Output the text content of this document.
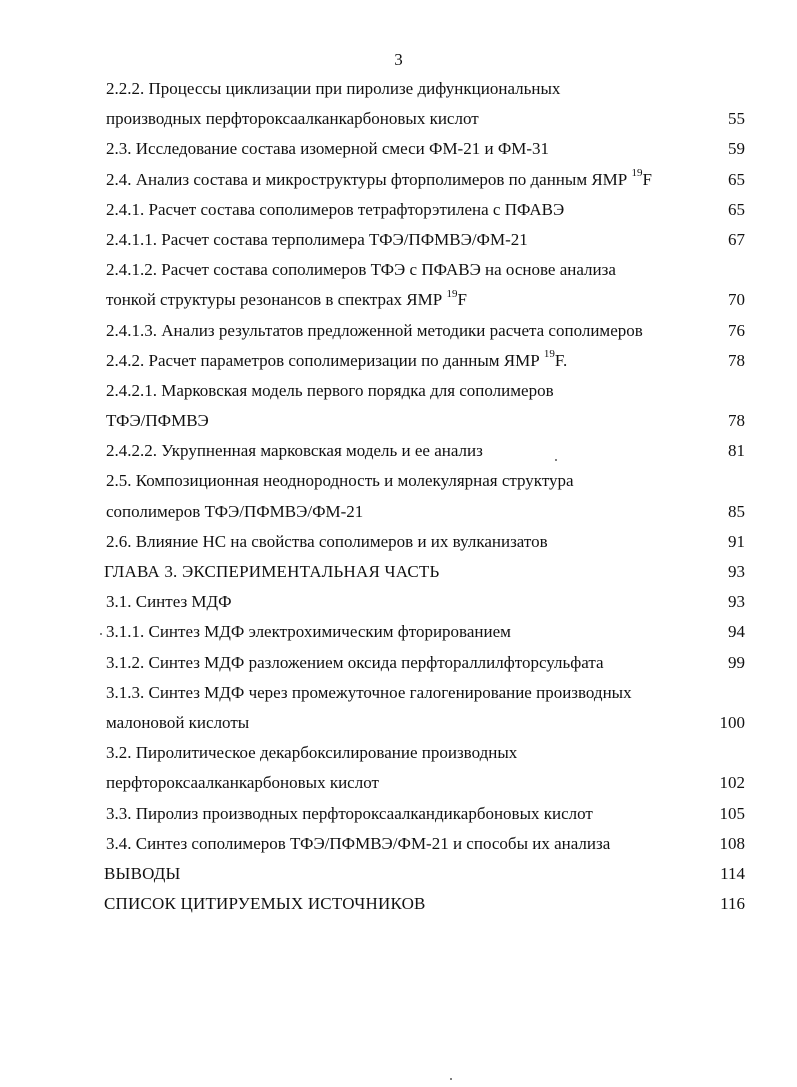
3
2.2.2. Процессы циклизации при пиролизе дифункциональных
производных перфтороксаалканкарбоновых кислот	55
2.3. Исследование состава изомерной смеси ФМ-21 и ФМ-31	59
2.4. Анализ состава и микроструктуры фторполимеров по данным ЯМР $^{19}$F	65
2.4.1. Расчет состава сополимеров тетрафторэтилена с ПФАВЭ	65
2.4.1.1. Расчет состава терполимера ТФЭ/ПФМВЭ/ФМ-21	67
2.4.1.2. Расчет состава сополимеров ТФЭ с ПФАВЭ на основе анализа
тонкой структуры резонансов в спектрах ЯМР $^{19}$F	70
2.4.1.3. Анализ результатов предложенной методики расчета сополимеров	76
2.4.2. Расчет параметров сополимеризации по данным ЯМР $^{19}$F.	78
2.4.2.1. Марковская модель первого порядка для сополимеров
ТФЭ/ПФМВЭ	78
2.4.2.2. Укрупненная марковская модель и ее анализ	81
2.5. Композиционная неоднородность и молекулярная структура
сополимеров ТФЭ/ПФМВЭ/ФМ-21	85
2.6. Влияние НС на свойства сополимеров и их вулканизатов	91
ГЛАВА 3. ЭКСПЕРИМЕНТАЛЬНАЯ ЧАСТЬ	93
3.1. Синтез МДФ	93
3.1.1. Синтез МДФ электрохимическим фторированием	94
3.1.2. Синтез МДФ разложением оксида перфтораллилфторсульфата	99
3.1.3. Синтез МДФ через промежуточное галогенирование производных
малоновой кислоты	100
3.2. Пиролитическое декарбоксилирование производных
перфтороксаалканкарбоновых кислот	102
3.3. Пиролиз производных перфтороксаалкандикарбоновых кислот	105
3.4. Синтез сополимеров ТФЭ/ПФМВЭ/ФМ-21 и способы их анализа	108
ВЫВОДЫ	114
СПИСОК ЦИТИРУЕМЫХ ИСТОЧНИКОВ	116
